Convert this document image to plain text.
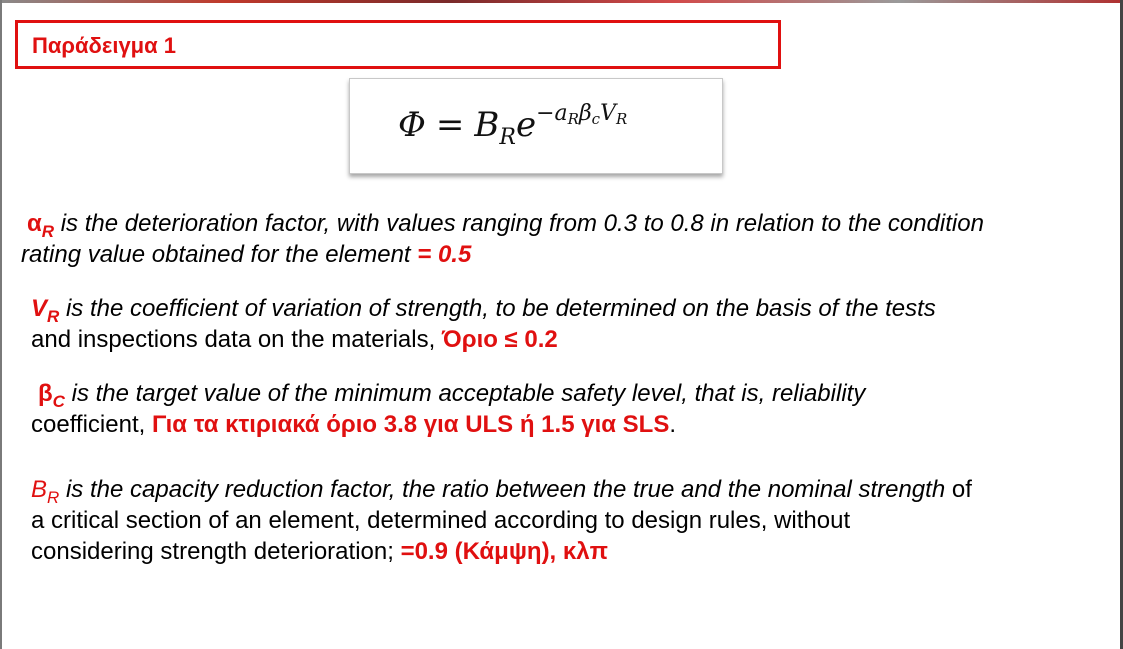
Παράδειγμα 1
$\Phi = B_Re^{-a_R\beta_cV_R}$
$\alpha_R$ is the deterioration factor, with values ranging from 0.3 to 0.8 in relation to the condition
rating value obtained for the element = 0.5
$V_R$ is the coefficient of variation of strength, to be determined on the basis of the tests
and inspections data on the materials, Όριο ≤ 0.2
$\beta_C$ is the target value of the minimum acceptable safety level, that is, reliability
coefficient, Για τα κτιριακά όριο 3.8 για ULS ή 1.5 για SLS.
$B_R$ is the capacity reduction factor, the ratio between the true and the nominal strength of
a critical section of an element, determined according to design rules, without
considering strength deterioration; =0.9 (Κάμψη), κλπ
